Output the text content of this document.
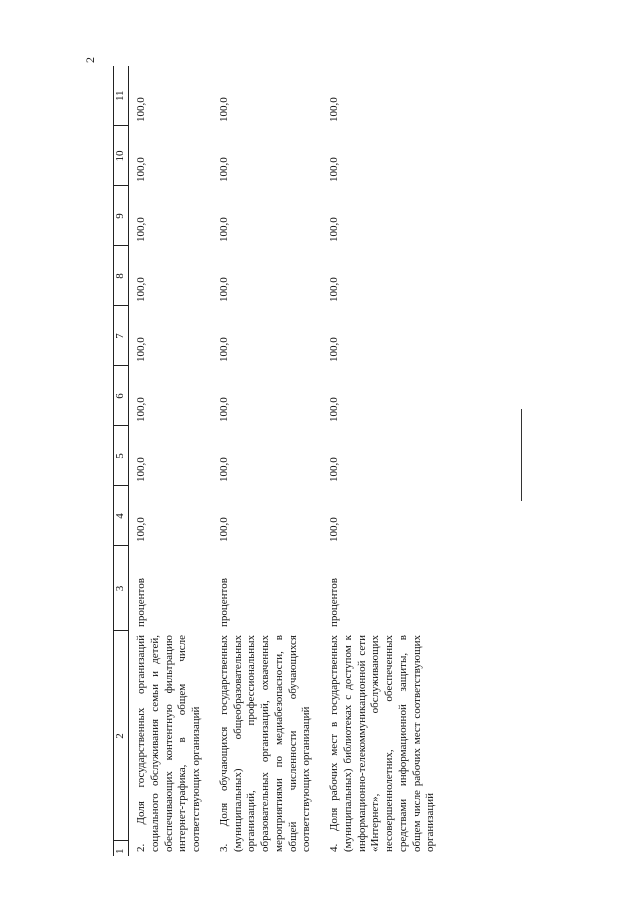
2
1	2	3	4	5	6	7	8	9	10	11
2. Доля государственных организаций социального обслуживания семьи и детей, обеспечивающих контентную фильтрацию интернет-трафика, в общем числе соответствующих организаций		процентов	100,0	100,0	100,0	100,0	100,0	100,0	100,0	100,0
3. Доля обучающихся государственных (муниципальных) общеобразовательных организаций, профессиональных образовательных организаций, охваченных мероприятиями по медиабезопасности, в общей численности обучающихся соответствующих организаций		процентов	100,0	100,0	100,0	100,0	100,0	100,0	100,0	100,0
4. Доля рабочих мест в государственных (муниципальных) библиотеках с доступом к информационно-телекоммуникационной сети «Интернет», обслуживающих несовершеннолетних, обеспеченных средствами информационной защиты, в общем числе рабочих мест соответствующих организаций		процентов	100,0	100,0	100,0	100,0	100,0	100,0	100,0	100,0
